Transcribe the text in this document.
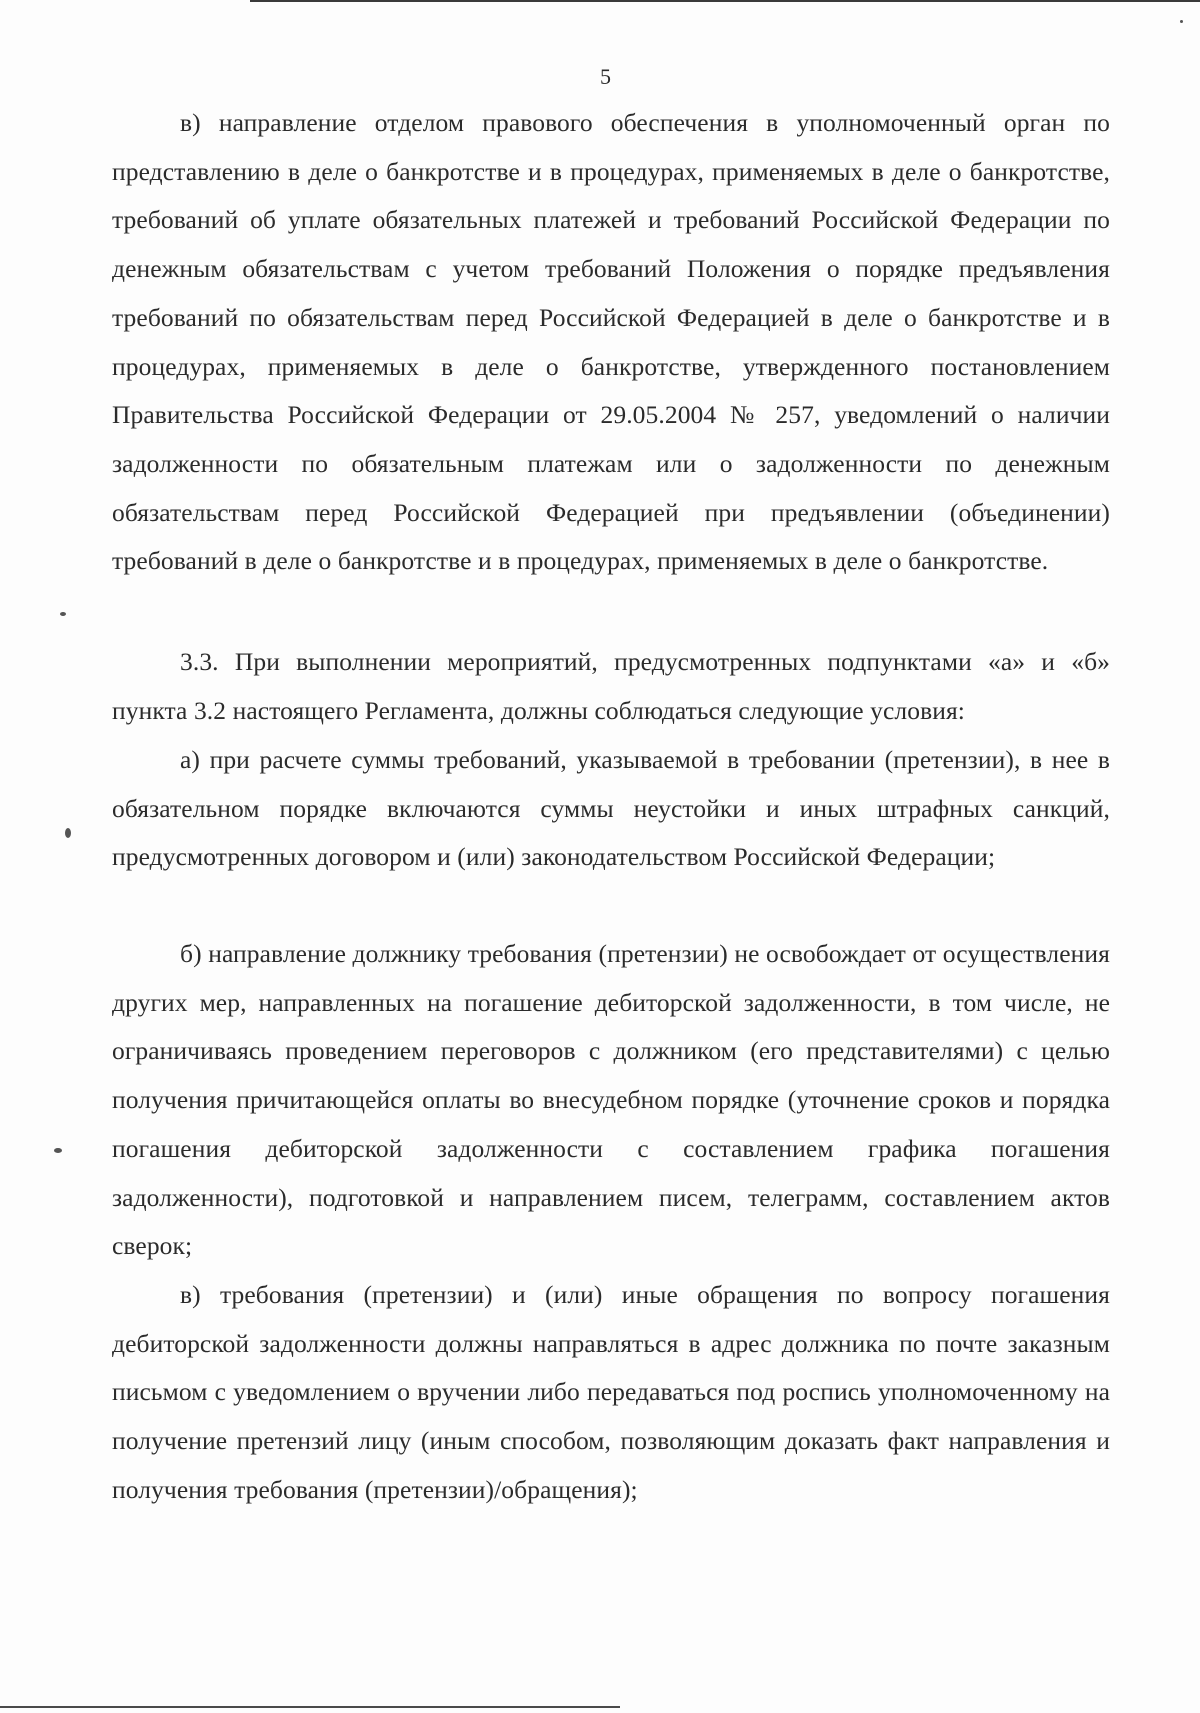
5

в) направление отделом правового обеспечения в уполномоченный орган по представлению в деле о банкротстве и в процедурах, применяемых в деле о банкротстве, требований об уплате обязательных платежей и требований Российской Федерации по денежным обязательствам с учетом требований Положения о порядке предъявления требований по обязательствам перед Российской Федерацией в деле о банкротстве и в процедурах, применяемых в деле о банкротстве, утвержденного постановлением Правительства Российской Федерации от 29.05.2004 № 257, уведомлений о наличии задолженности по обязательным платежам или о задолженности по денежным обязательствам перед Российской Федерацией при предъявлении (объединении) требований в деле о банкротстве и в процедурах, применяемых в деле о банкротстве.

3.3. При выполнении мероприятий, предусмотренных подпунктами «а» и «б» пункта 3.2 настоящего Регламента, должны соблюдаться следующие условия:

а) при расчете суммы требований, указываемой в требовании (претензии), в нее в обязательном порядке включаются суммы неустойки и иных штрафных санкций, предусмотренных договором и (или) законодательством Российской Федерации;

б) направление должнику требования (претензии) не освобождает от осуществления других мер, направленных на погашение дебиторской задолженности, в том числе, не ограничиваясь проведением переговоров с должником (его представителями) с целью получения причитающейся оплаты во внесудебном порядке (уточнение сроков и порядка погашения дебиторской задолженности с составлением графика погашения задолженности), подготовкой и направлением писем, телеграмм, составлением актов сверок;

в) требования (претензии) и (или) иные обращения по вопросу погашения дебиторской задолженности должны направляться в адрес должника по почте заказным письмом с уведомлением о вручении либо передаваться под роспись уполномоченному на получение претензий лицу (иным способом, позволяющим доказать факт направления и получения требования (претензии)/обращения);
